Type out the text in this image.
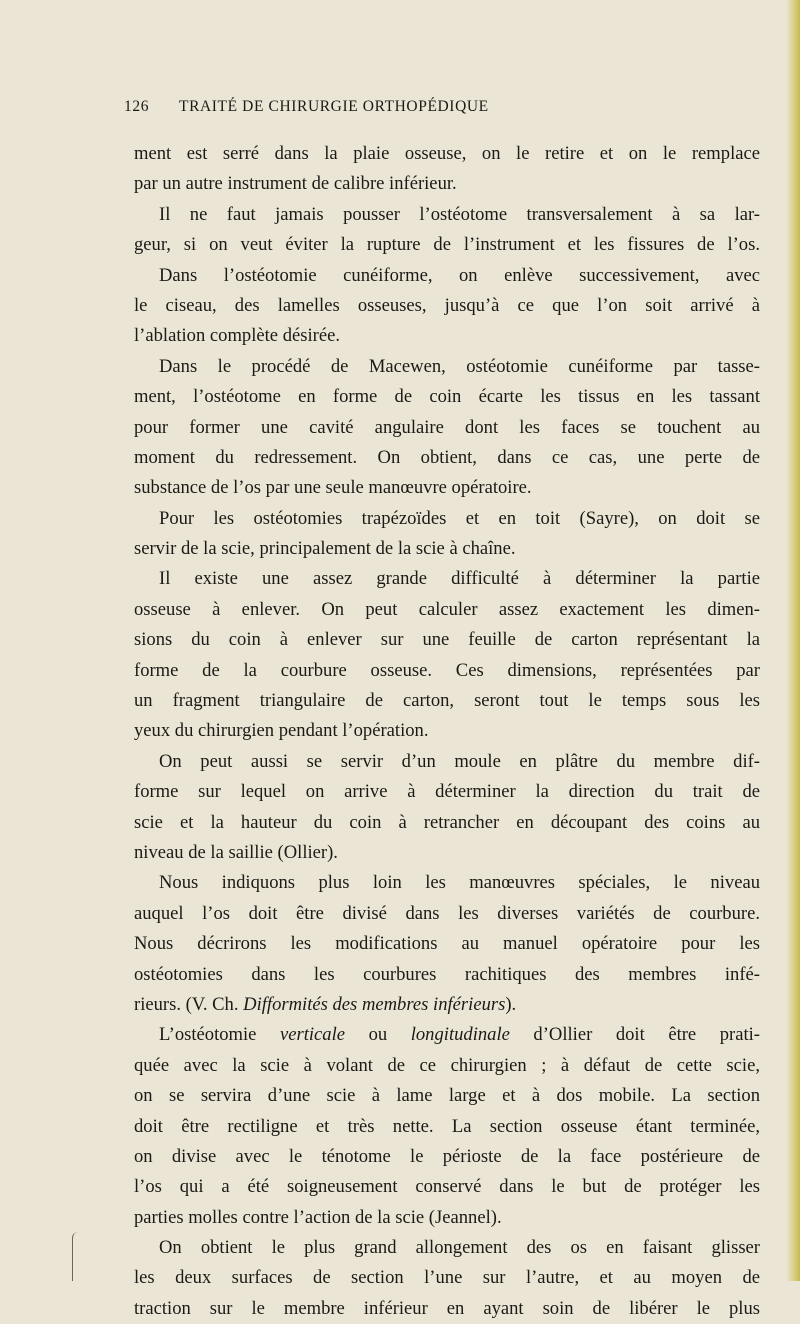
126 TRAITÉ DE CHIRURGIE ORTHOPÉDIQUE
ment est serré dans la plaie osseuse, on le retire et on le remplace
par un autre instrument de calibre inférieur.
Il ne faut jamais pousser l’ostéotome transversalement à sa lar-
geur, si on veut éviter la rupture de l’instrument et les fissures de l’os.
Dans l’ostéotomie cunéiforme, on enlève successivement, avec
le ciseau, des lamelles osseuses, jusqu’à ce que l’on soit arrivé à
l’ablation complète désirée.
Dans le procédé de Macewen, ostéotomie cunéiforme par tasse-
ment, l’ostéotome en forme de coin écarte les tissus en les tassant
pour former une cavité angulaire dont les faces se touchent au
moment du redressement. On obtient, dans ce cas, une perte de
substance de l’os par une seule manœuvre opératoire.
Pour les ostéotomies trapézoïdes et en toit (Sayre), on doit se
servir de la scie, principalement de la scie à chaîne.
Il existe une assez grande difficulté à déterminer la partie
osseuse à enlever. On peut calculer assez exactement les dimen-
sions du coin à enlever sur une feuille de carton représentant la
forme de la courbure osseuse. Ces dimensions, représentées par
un fragment triangulaire de carton, seront tout le temps sous les
yeux du chirurgien pendant l’opération.
On peut aussi se servir d’un moule en plâtre du membre dif-
forme sur lequel on arrive à déterminer la direction du trait de
scie et la hauteur du coin à retrancher en découpant des coins au
niveau de la saillie (Ollier).
Nous indiquons plus loin les manœuvres spéciales, le niveau
auquel l’os doit être divisé dans les diverses variétés de courbure.
Nous décrirons les modifications au manuel opératoire pour les
ostéotomies dans les courbures rachitiques des membres infé-
rieurs. (V. Ch. Difformités des membres inférieurs).
L’ostéotomie verticale ou longitudinale d’Ollier doit être prati-
quée avec la scie à volant de ce chirurgien ; à défaut de cette scie,
on se servira d’une scie à lame large et à dos mobile. La section
doit être rectiligne et très nette. La section osseuse étant terminée,
on divise avec le ténotome le périoste de la face postérieure de
l’os qui a été soigneusement conservé dans le but de protéger les
parties molles contre l’action de la scie (Jeannel).
On obtient le plus grand allongement des os en faisant glisser
les deux surfaces de section l’une sur l’autre, et au moyen de
traction sur le membre inférieur en ayant soin de libérer le plus
